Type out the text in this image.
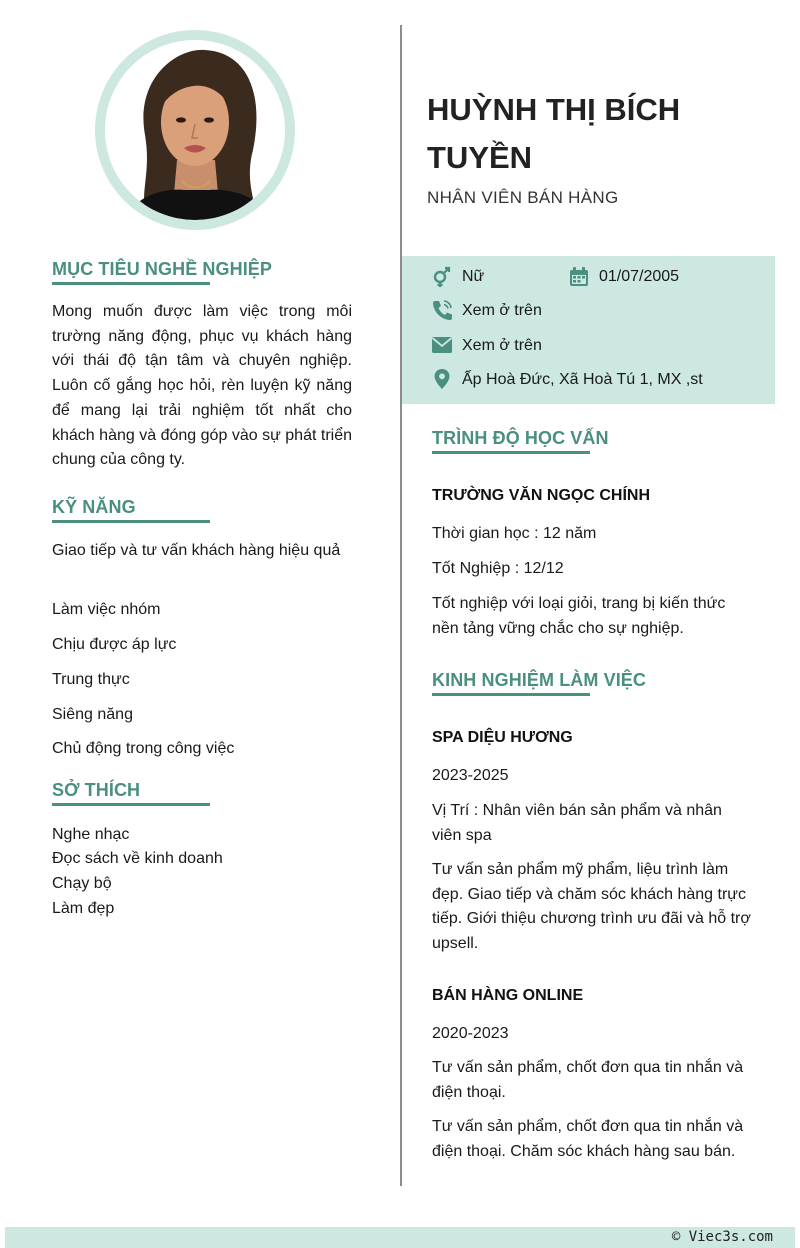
MỤC TIÊU NGHỀ NGHIỆP
Mong muốn được làm việc trong môi trường năng động, phục vụ khách hàng với thái độ tận tâm và chuyên nghiệp. Luôn cố gắng học hỏi, rèn luyện kỹ năng để mang lại trải nghiệm tốt nhất cho khách hàng và đóng góp vào sự phát triển chung của công ty.
KỸ NĂNG
Giao tiếp và tư vấn khách hàng hiệu quả
Làm việc nhóm
Chịu được áp lực
Trung thực
Siêng năng
Chủ động trong công việc
SỞ THÍCH
Nghe nhạc
Đọc sách về kinh doanh
Chạy bộ
Làm đẹp
HUỲNH THỊ BÍCH TUYỀN
NHÂN VIÊN BÁN HÀNG
Nữ	01/07/2005
Xem ở trên
Xem ở trên
Ấp Hoà Đức, Xã Hoà Tú 1, MX ,st
TRÌNH ĐỘ HỌC VẤN
TRƯỜNG VĂN NGỌC CHÍNH
Thời gian học : 12 năm
Tốt Nghiệp : 12/12
Tốt nghiệp với loại giỏi, trang bị kiến thức nền tảng vững chắc cho sự nghiệp.
KINH NGHIỆM LÀM VIỆC
SPA DIỆU HƯƠNG
2023-2025
Vị Trí : Nhân viên bán sản phẩm và nhân viên spa
Tư vấn sản phẩm mỹ phẩm, liệu trình làm đẹp. Giao tiếp và chăm sóc khách hàng trực tiếp. Giới thiệu chương trình ưu đãi và hỗ trợ upsell.
BÁN HÀNG ONLINE
2020-2023
Tư vấn sản phẩm, chốt đơn qua tin nhắn và điện thoại.
Tư vấn sản phẩm, chốt đơn qua tin nhắn và điện thoại. Chăm sóc khách hàng sau bán.
© Viec3s.com
